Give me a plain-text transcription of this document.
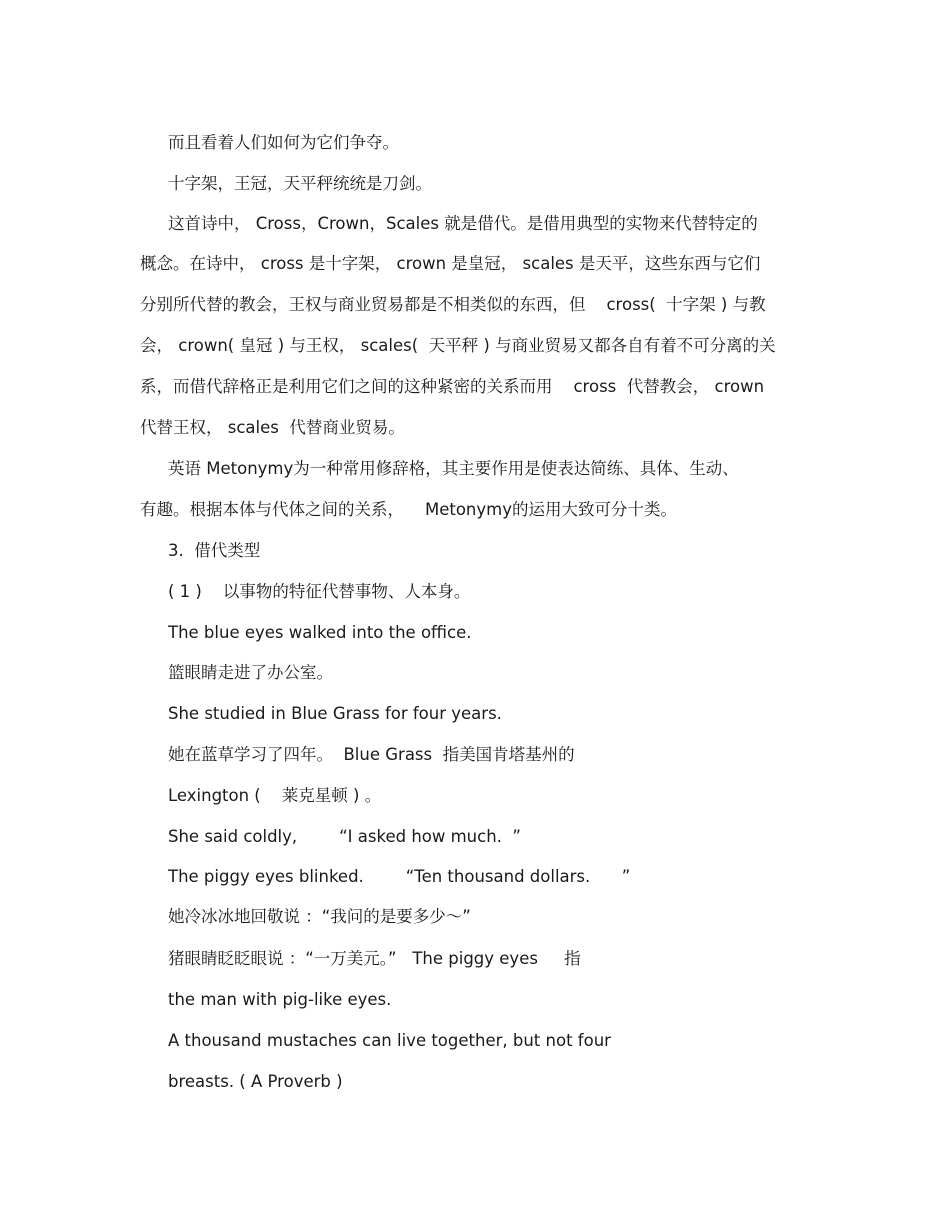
而且看着人们如何为它们争夺。
十字架，王冠，天平秤统统是刀剑。
这首诗中， Cross，Crown，Scales 就是借代。是借用典型的实物来代替特定的
概念。在诗中， cross 是十字架， crown 是皇冠， scales 是天平，这些东西与它们
分别所代替的教会，王权与商业贸易都是不相类似的东西，但    cross(  十字架 ) 与教
会， crown( 皇冠 ) 与王权， scales(  天平秤 ) 与商业贸易又都各自有着不可分离的关
系，而借代辞格正是利用它们之间的这种紧密的关系而用    cross  代替教会， crown
代替王权， scales  代替商业贸易。
英语 Metonymy为一种常用修辞格，其主要作用是使表达简练、具体、生动、
有趣。根据本体与代体之间的关系，    Metonymy的运用大致可分十类。
3.  借代类型
( 1 )    以事物的特征代替事物、人本身。
The blue eyes walked into the office.
篮眼睛走进了办公室。
She studied in Blue Grass for four years.
她在蓝草学习了四年。  Blue Grass  指美国肯塔基州的
Lexington (    莱克星顿 ) 。
She said coldly,        “I asked how much.  ”
The piggy eyes blinked.        “Ten thousand dollars.      ”
她冷冰冰地回敬说 ：“我问的是要多少～”
猪眼睛眨眨眼说 ：“一万美元。”   The piggy eyes     指
the man with pig-like eyes.
A thousand mustaches can live together, but not four
breasts. ( A Proverb )
